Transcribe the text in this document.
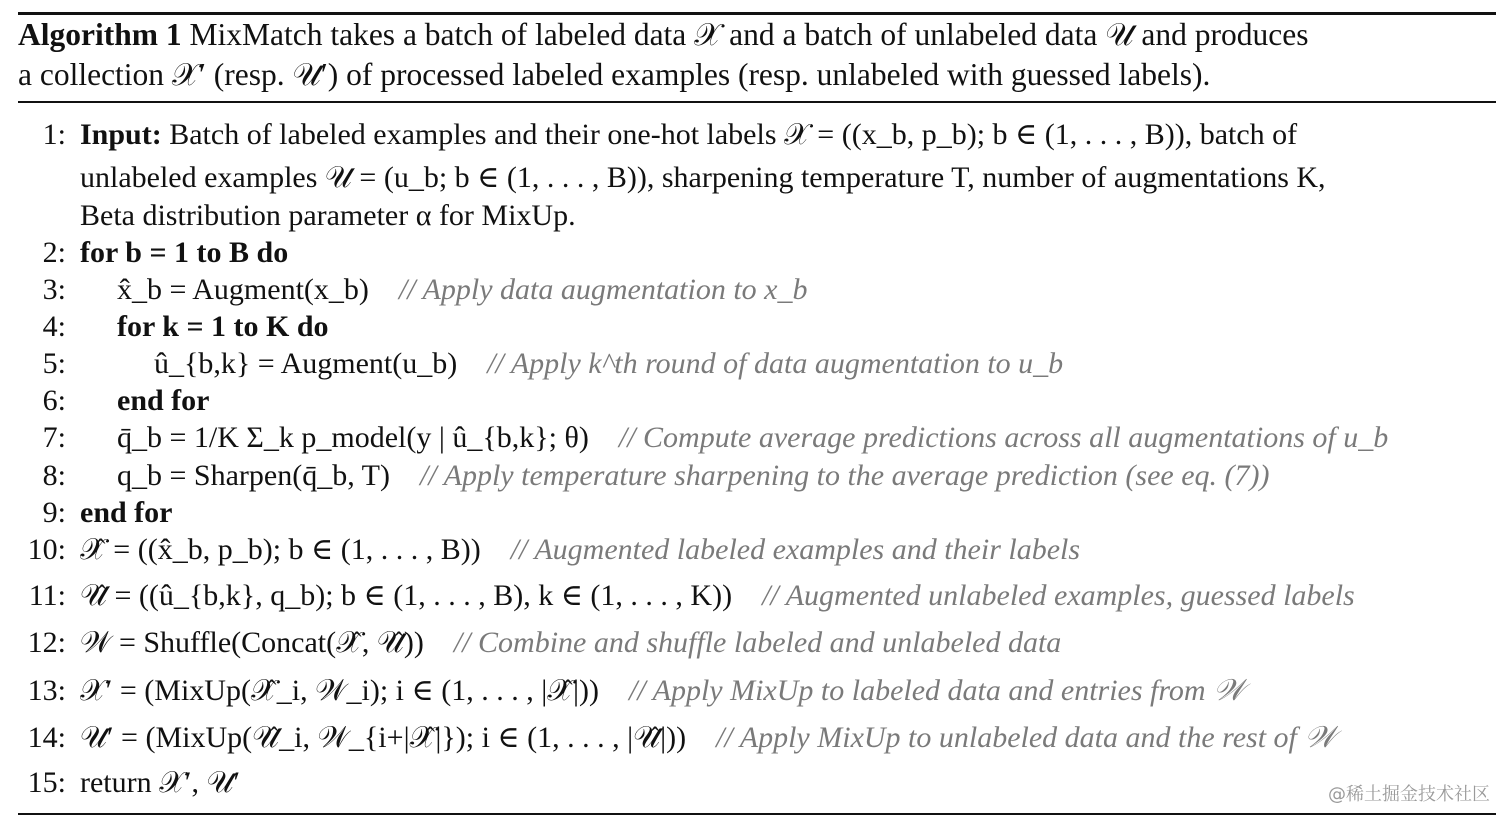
Algorithm 1 MixMatch takes a batch of labeled data 𝒳 and a batch of unlabeled data 𝒰 and produces
a collection 𝒳′ (resp. 𝒰′) of processed labeled examples (resp. unlabeled with guessed labels).
1: Input: Batch of labeled examples and their one-hot labels 𝒳 = ((x_b, p_b); b ∈ (1, . . . , B)), batch of
unlabeled examples 𝒰 = (u_b; b ∈ (1, . . . , B)), sharpening temperature T, number of augmentations K,
Beta distribution parameter α for MixUp.
2: for b = 1 to B do
3: x̂_b = Augment(x_b) // Apply data augmentation to x_b
4: for k = 1 to K do
5:	û_{b,k} = Augment(u_b) // Apply k^th round of data augmentation to u_b
6: end for
7: q̄_b = 1/K Σ_k p_model(y | û_{b,k}; θ) // Compute average predictions across all augmentations of u_b
8: q_b = Sharpen(q̄_b, T) // Apply temperature sharpening to the average prediction (see eq. (7))
9: end for
10: 𝒳̂ = ((x̂_b, p_b); b ∈ (1, . . . , B)) // Augmented labeled examples and their labels
11: 𝒰̂ = ((û_{b,k}, q_b); b ∈ (1, . . . , B), k ∈ (1, . . . , K)) // Augmented unlabeled examples, guessed labels
12: 𝒲 = Shuffle(Concat(𝒳̂, 𝒰̂)) // Combine and shuffle labeled and unlabeled data
13: 𝒳′ = (MixUp(𝒳̂_i, 𝒲_i); i ∈ (1, . . . , |𝒳̂|)) // Apply MixUp to labeled data and entries from 𝒲
14: 𝒰′ = (MixUp(𝒰̂_i, 𝒲_{i+|𝒳̂|}); i ∈ (1, . . . , |𝒰̂|)) // Apply MixUp to unlabeled data and the rest of 𝒲
15: return 𝒳′, 𝒰′	@稀土掘金技术社区
